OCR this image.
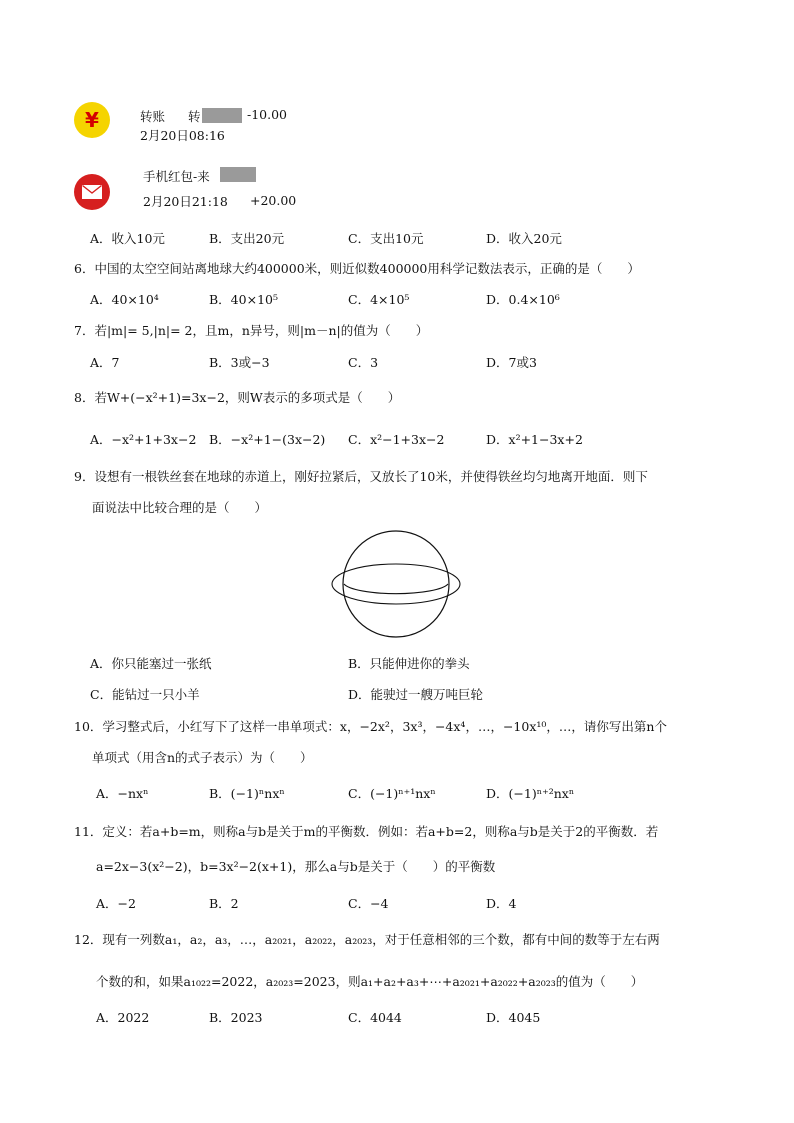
¥	转账 转	-10.00
2月20日08:16
手机红包-来
2月20日21:18 +20.00
A．收入10元	B．支出20元	C．支出10元	D．收入20元
6．中国的太空空间站离地球大约400000米，则近似数400000用科学记数法表示，正确的是（　　）
A．40×10⁴	B．40×10⁵	C．4×10⁵	D．0.4×10⁶
7．若|m|= 5,|n|= 2，且m，n异号，则|m－n|的值为（　　）
A．7	B．3或−3	C．3	D．7或3
8．若W+(−x²+1)=3x−2，则W表示的多项式是（　　）
A．−x²+1+3x−2 B．−x²+1−(3x−2) C．x²−1+3x−2	D．x²+1−3x+2
9．设想有一根铁丝套在地球的赤道上，刚好拉紧后，又放长了10米，并使得铁丝均匀地离开地面．则下
面说法中比较合理的是（　　）
A．你只能塞过一张纸	B．只能伸进你的拳头
C．能钻过一只小羊	D．能驶过一艘万吨巨轮
10．学习整式后，小红写下了这样一串单项式：x，−2x²，3x³，−4x⁴，…，−10x¹⁰，…，请你写出第n个
单项式（用含n的式子表示）为（　　）
A．−nxⁿ	B．(−1)ⁿnxⁿ	C．(−1)ⁿ⁺¹nxⁿ	D．(−1)ⁿ⁺²nxⁿ
11．定义：若a+b=m，则称a与b是关于m的平衡数．例如：若a+b=2，则称a与b是关于2的平衡数．若
a=2x−3(x²−2)，b=3x²−2(x+1)，那么a与b是关于（　　）的平衡数
A．−2	B．2	C．−4	D．4
12．现有一列数a₁，a₂，a₃，…，a₂₀₂₁，a₂₀₂₂，a₂₀₂₃，对于任意相邻的三个数，都有中间的数等于左右两
个数的和，如果a₁₀₂₂=2022，a₂₀₂₃=2023，则a₁+a₂+a₃+⋯+a₂₀₂₁+a₂₀₂₂+a₂₀₂₃的值为（　　）
A．2022	B．2023	C．4044	D．4045
